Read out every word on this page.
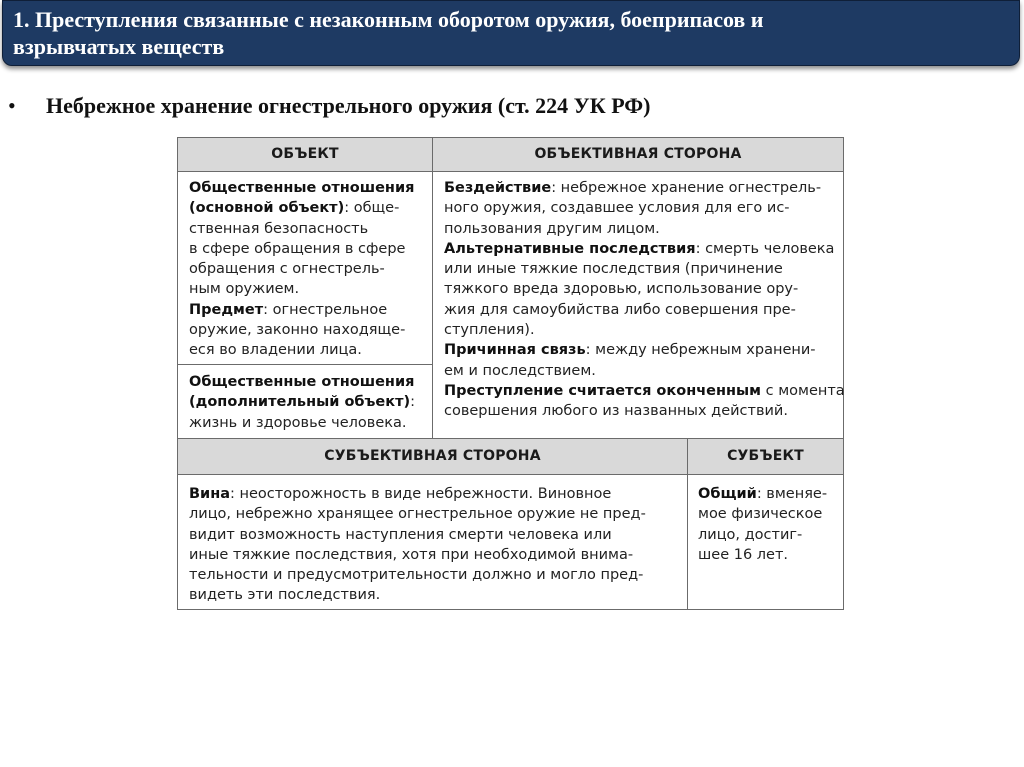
1. Преступления связанные с незаконным оборотом оружия, боеприпасов и
взрывчатых веществ
• Небрежное хранение огнестрельного оружия (ст. 224 УК РФ)
ОБЪЕКТ	ОБЪЕКТИВНАЯ СТОРОНА
Общественные отношения
(основной объект): обще-
ственная безопасность
в сфере обращения в сфере
обращения с огнестрель-
ным оружием.
Предмет: огнестрельное
оружие, законно находяще-
еся во владении лица.
Общественные отношения
(дополнительный объект):
жизнь и здоровье человека.
Бездействие: небрежное хранение огнестрель-
ного оружия, создавшее условия для его ис-
пользования другим лицом.
Альтернативные последствия: смерть человека
или иные тяжкие последствия (причинение
тяжкого вреда здоровью, использование ору-
жия для самоубийства либо совершения пре-
ступления).
Причинная связь: между небрежным хранени-
ем и последствием.
Преступление считается оконченным с момента
совершения любого из названных действий.
СУБЪЕКТИВНАЯ СТОРОНА	СУБЪЕКТ
Вина: неосторожность в виде небрежности. Виновное
лицо, небрежно хранящее огнестрельное оружие не пред-
видит возможность наступления смерти человека или
иные тяжкие последствия, хотя при необходимой внима-
тельности и предусмотрительности должно и могло пред-
видеть эти последствия.
Общий: вменяе-
мое физическое
лицо, достиг-
шее 16 лет.
